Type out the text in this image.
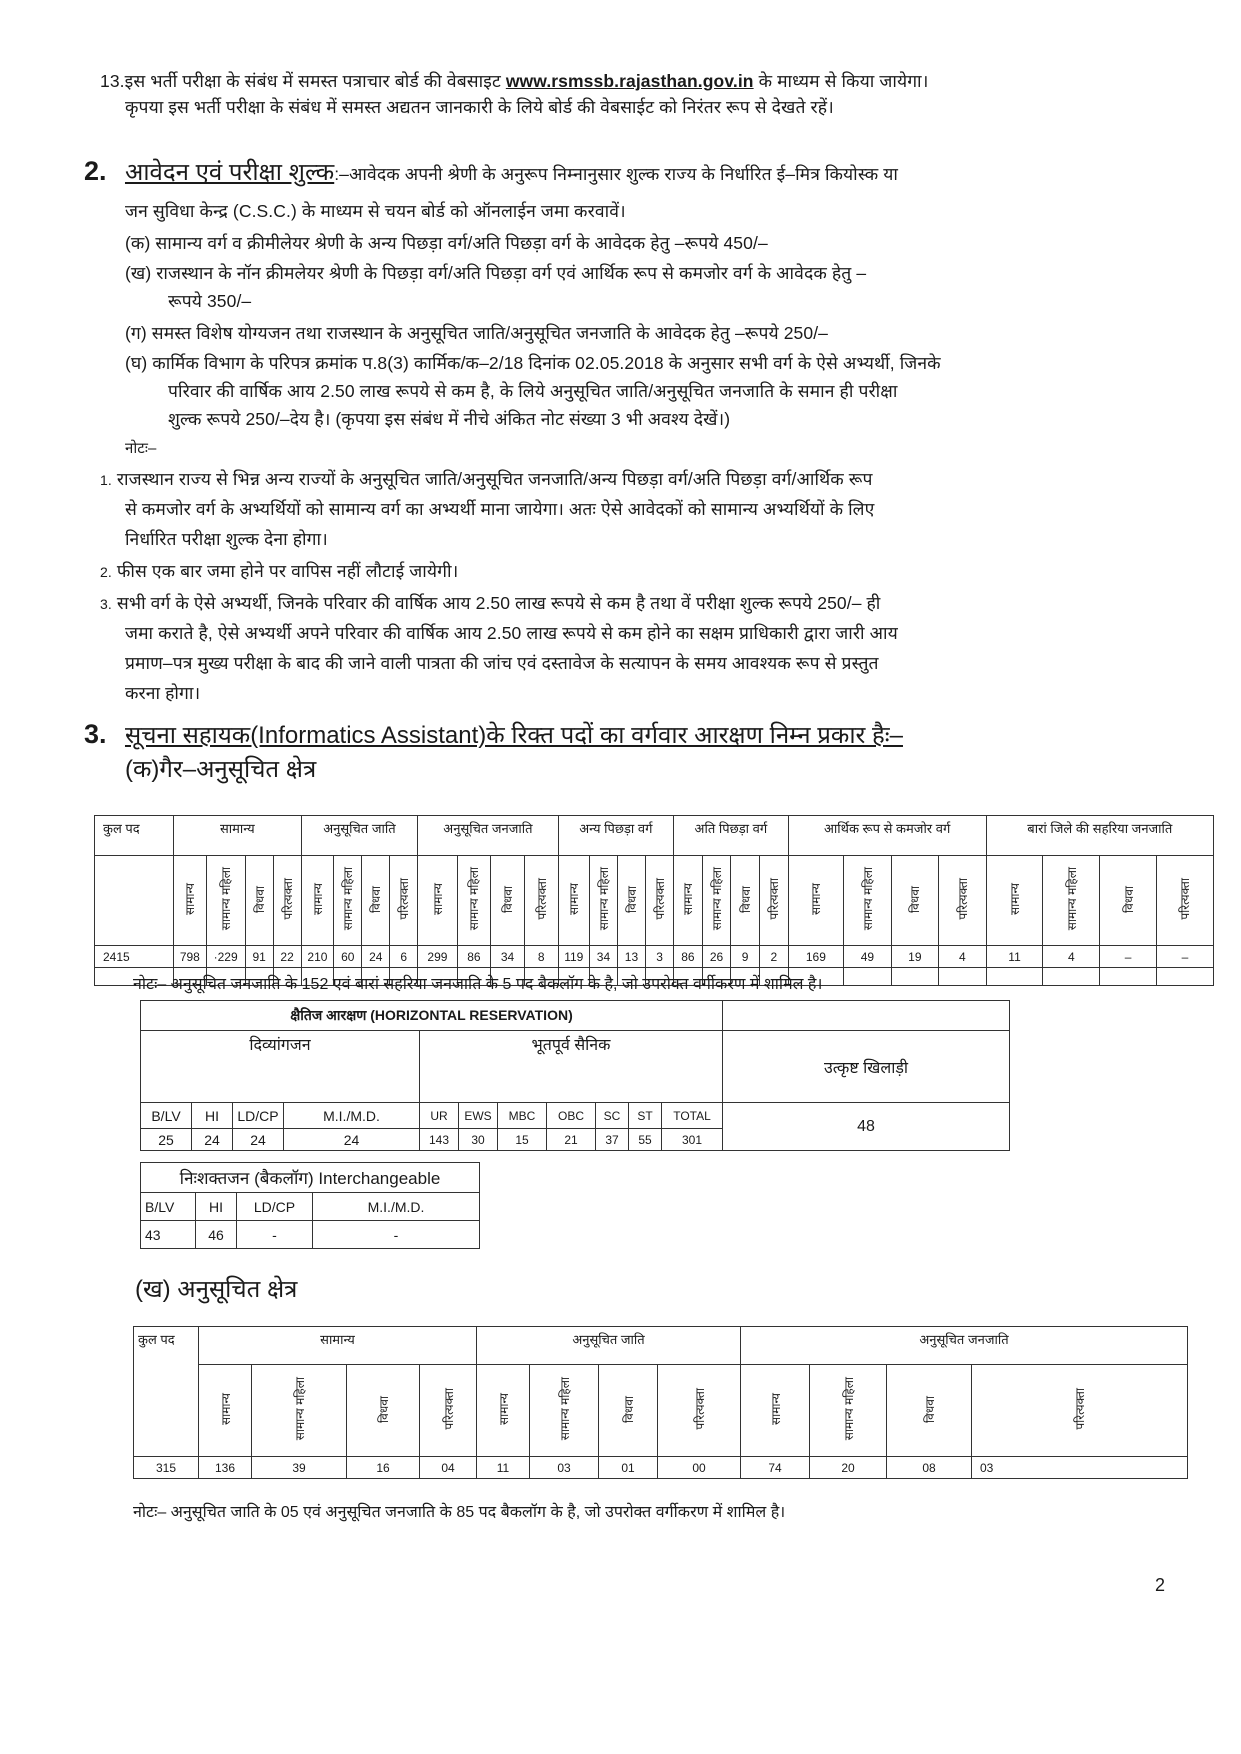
13.इस भर्ती परीक्षा के संबंध में समस्त पत्राचार बोर्ड की वेबसाइट www.rsmssb.rajasthan.gov.in के माध्यम से किया जायेगा।
कृपया इस भर्ती परीक्षा के संबंध में समस्त अद्यतन जानकारी के लिये बोर्ड की वेबसाईट को निरंतर रूप से देखते रहें।
2. आवेदन एवं परीक्षा शुल्क:–आवेदक अपनी श्रेणी के अनुरूप निम्नानुसार शुल्क राज्य के निर्धारित ई–मित्र कियोस्क या
जन सुविधा केन्द्र (C.S.C.) के माध्यम से चयन बोर्ड को ऑनलाईन जमा करवावें।
(क) सामान्य वर्ग व क्रीमीलेयर श्रेणी के अन्य पिछड़ा वर्ग/अति पिछड़ा वर्ग के आवेदक हेतु –रूपये 450/–
(ख) राजस्थान के नॉन क्रीमलेयर श्रेणी के पिछड़ा वर्ग/अति पिछड़ा वर्ग एवं आर्थिक रूप से कमजोर वर्ग के आवेदक हेतु –
रूपये 350/–
(ग) समस्त विशेष योग्यजन तथा राजस्थान के अनुसूचित जाति/अनुसूचित जनजाति के आवेदक हेतु –रूपये 250/–
(घ) कार्मिक विभाग के परिपत्र क्रमांक प.8(3) कार्मिक/क–2/18 दिनांक 02.05.2018 के अनुसार सभी वर्ग के ऐसे अभ्यर्थी, जिनके
परिवार की वार्षिक आय 2.50 लाख रूपये से कम है, के लिये अनुसूचित जाति/अनुसूचित जनजाति के समान ही परीक्षा
शुल्क रूपये 250/–देय है। (कृपया इस संबंध में नीचे अंकित नोट संख्या 3 भी अवश्य देखें।)
नोटः–
1. राजस्थान राज्य से भिन्न अन्य राज्यों के अनुसूचित जाति/अनुसूचित जनजाति/अन्य पिछड़ा वर्ग/अति पिछड़ा वर्ग/आर्थिक रूप
से कमजोर वर्ग के अभ्यर्थियों को सामान्य वर्ग का अभ्यर्थी माना जायेगा। अतः ऐसे आवेदकों को सामान्य अभ्यर्थियों के लिए
निर्धारित परीक्षा शुल्क देना होगा।
2. फीस एक बार जमा होने पर वापिस नहीं लौटाई जायेगी।
3. सभी वर्ग के ऐसे अभ्यर्थी, जिनके परिवार की वार्षिक आय 2.50 लाख रूपये से कम है तथा वें परीक्षा शुल्क रूपये 250/– ही
जमा कराते है, ऐसे अभ्यर्थी अपने परिवार की वार्षिक आय 2.50 लाख रूपये से कम होने का सक्षम प्राधिकारी द्वारा जारी आय
प्रमाण–पत्र मुख्य परीक्षा के बाद की जाने वाली पात्रता की जांच एवं दस्तावेज के सत्यापन के समय आवश्यक रूप से प्रस्तुत
करना होगा।
3. सूचना सहायक(Informatics Assistant)के रिक्त पदों का वर्गवार आरक्षण निम्न प्रकार हैः–
(क)गैर–अनुसूचित क्षेत्र
कुल पद	सामान्य				अनुसूचित जाति				अनुसूचित जनजाति				अन्य पिछड़ा वर्ग				अति पिछड़ा वर्ग				आर्थिक रूप से कमजोर वर्ग				बारां जिले की सहरिया जनजाति			
	सामान्य	सामान्य महिला	विधवा	परित्यक्ता	सामान्य	सामान्य महिला	विधवा	परित्यक्ता	सामान्य	सामान्य महिला	विधवा	परित्यक्ता	सामान्य	सामान्य महिला	विधवा	परित्यक्ता	सामान्य	सामान्य महिला	विधवा	परित्यक्ता	सामान्य	सामान्य महिला	विधवा	परित्यक्ता	सामान्य	सामान्य महिला	विधवा	परित्यक्ता
2415	798	·229	91	22	210	60	24	6	299	86	34	8	119	34	13	3	86	26	9	2	169	49	19	4	11	4	–	–

नोटः– अनुसूचित जनजाति के 152 एवं बारां सहरिया जनजाति के 5 पद बैकलॉग के है, जो उपरोक्त वर्गीकरण में शामिल है।
क्षैतिज आरक्षण (HORIZONTAL RESERVATION)											
दिव्यांगजन				भूतपूर्व सैनिक							उत्कृष्ट खिलाड़ी
B/LV	HI	LD/CP	M.I./M.D.	UR	EWS	MBC	OBC	SC	ST	TOTAL	48
25	24	24	24	143	30	15	21	37	55	301	
निःशक्तजन (बैकलॉग) Interchangeable			
B/LV	HI	LD/CP	M.I./M.D.
43	46	-	-
(ख) अनुसूचित क्षेत्र
कुल पद	सामान्य				अनुसूचित जाति				अनुसूचित जनजाति			
	सामान्य	सामान्य महिला	विधवा	परित्यक्ता	सामान्य	सामान्य महिला	विधवा	परित्यक्ता	सामान्य	सामान्य महिला	विधवा	परित्यक्ता
315	136	39	16	04	11	03	01	00	74	20	08	03
नोटः– अनुसूचित जाति के 05 एवं अनुसूचित जनजाति के 85 पद बैकलॉग के है, जो उपरोक्त वर्गीकरण में शामिल है।
2
